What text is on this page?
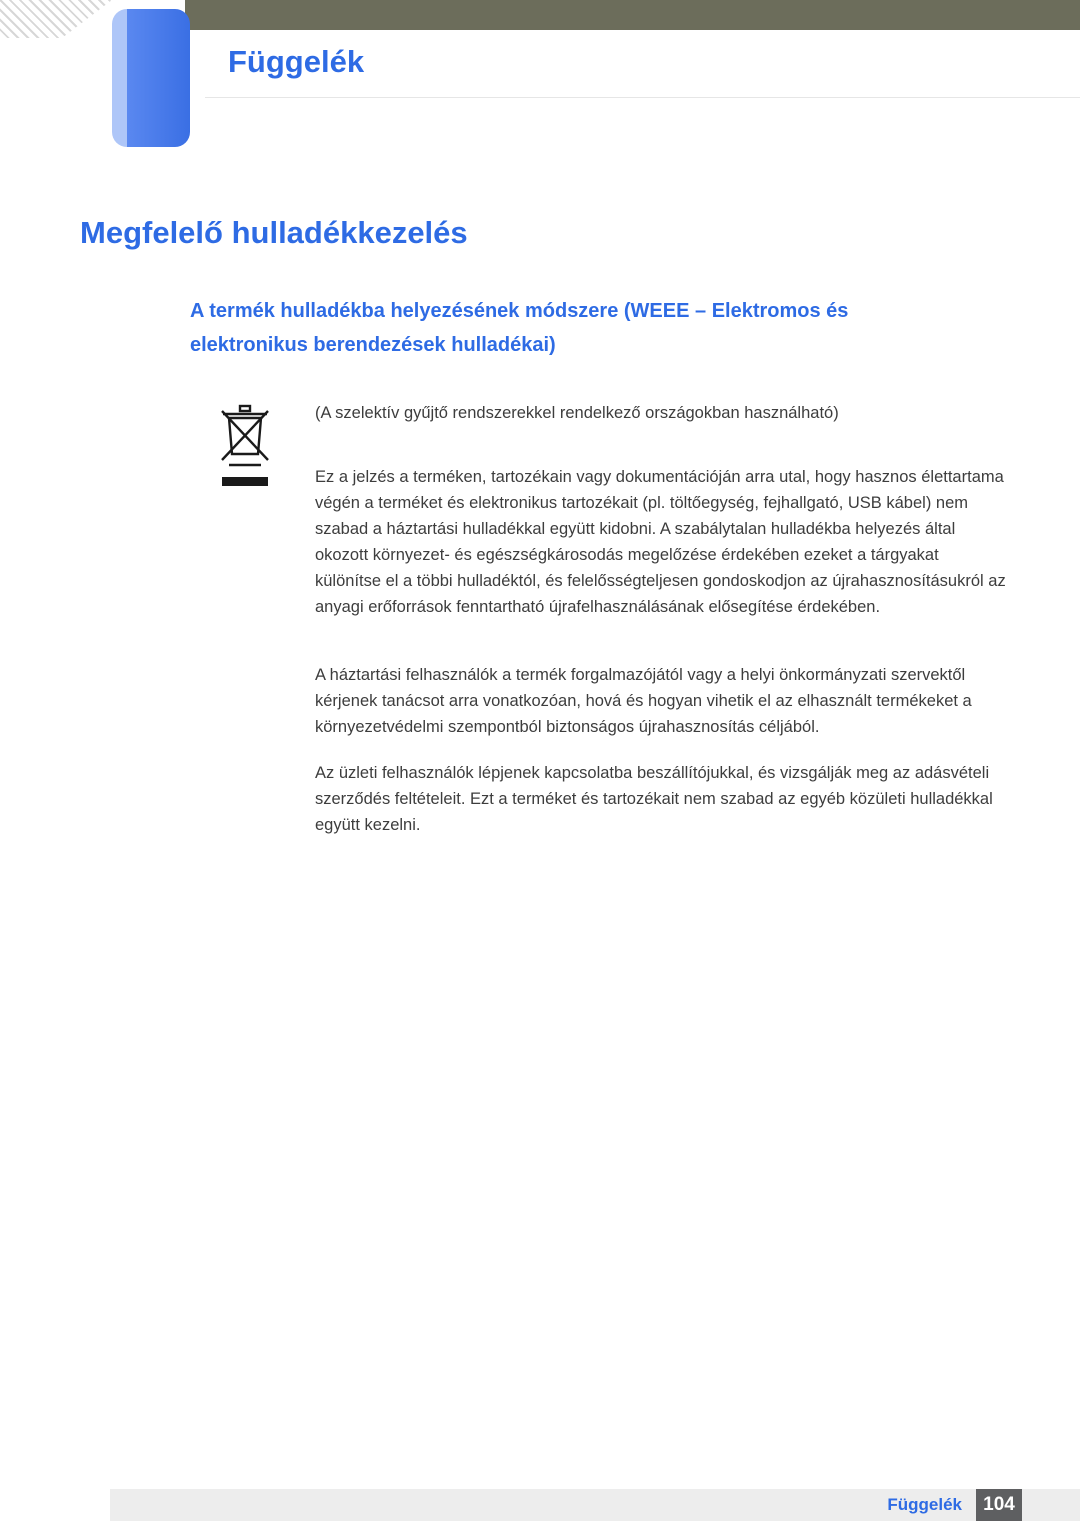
Függelék
Megfelelő hulladékkezelés
A termék hulladékba helyezésének módszere (WEEE – Elektromos és
elektronikus berendezések hulladékai)

(A szelektív gyűjtő rendszerekkel rendelkező országokban használható)

Ez a jelzés a terméken, tartozékain vagy dokumentációján arra utal, hogy hasznos élettartama végén a terméket és elektronikus tartozékait (pl. töltőegység, fejhallgató, USB kábel) nem szabad a háztartási hulladékkal együtt kidobni. A szabálytalan hulladékba helyezés által okozott környezet- és egészségkárosodás megelőzése érdekében ezeket a tárgyakat különítse el a többi hulladéktól, és felelősségteljesen gondoskodjon az újrahasznosításukról az anyagi erőforrások fenntartható újrafelhasználásának elősegítése érdekében.

A háztartási felhasználók a termék forgalmazójától vagy a helyi önkormányzati szervektől kérjenek tanácsot arra vonatkozóan, hová és hogyan vihetik el az elhasznált termékeket a környezetvédelmi szempontból biztonságos újrahasznosítás céljából.

Az üzleti felhasználók lépjenek kapcsolatba beszállítójukkal, és vizsgálják meg az adásvételi szerződés feltételeit. Ezt a terméket és tartozékait nem szabad az egyéb közületi hulladékkal együtt kezelni.

Függelék	104
